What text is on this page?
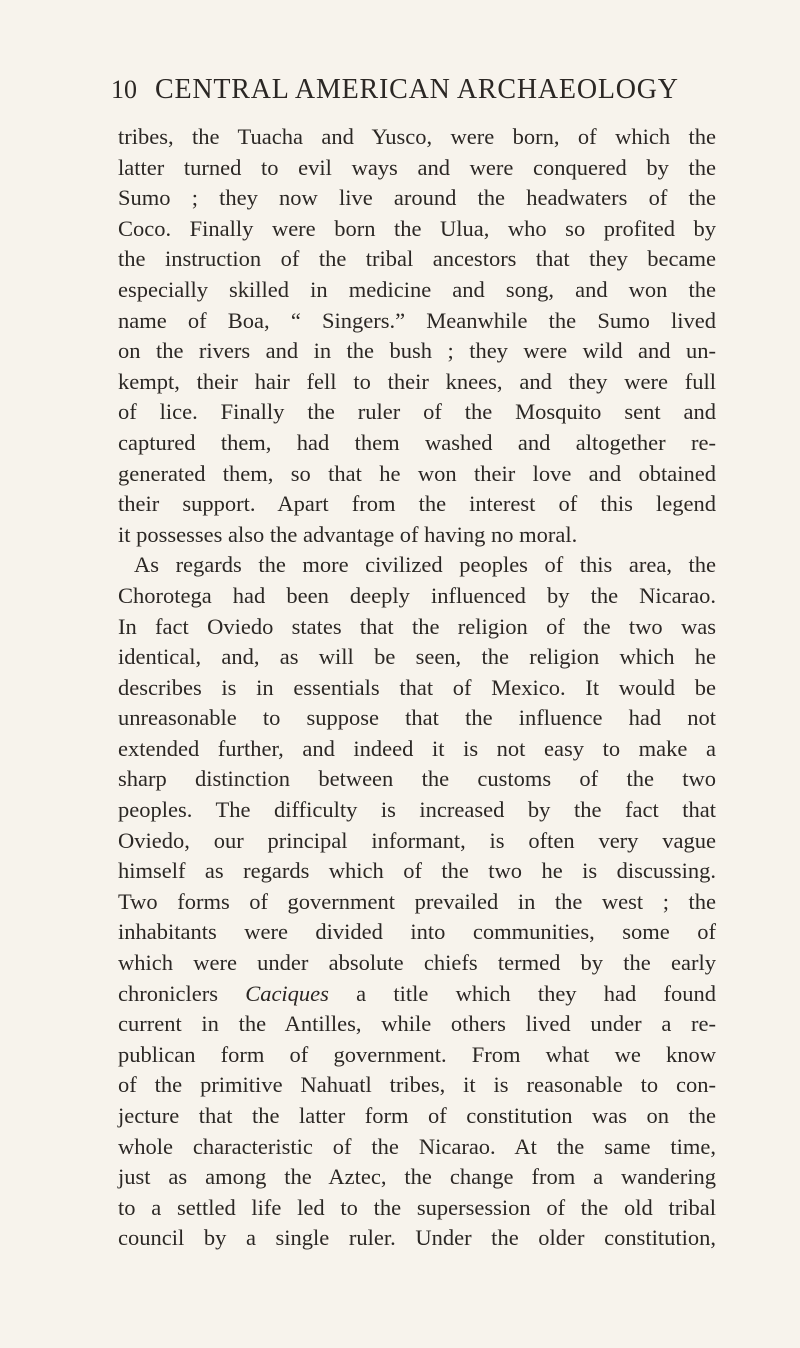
10 CENTRAL AMERICAN ARCHAEOLOGY
tribes, the Tuacha and Yusco, were born, of which the
latter turned to evil ways and were conquered by the
Sumo ; they now live around the headwaters of the
Coco. Finally were born the Ulua, who so profited by
the instruction of the tribal ancestors that they became
especially skilled in medicine and song, and won the
name of Boa, “ Singers.” Meanwhile the Sumo lived
on the rivers and in the bush ; they were wild and un-
kempt, their hair fell to their knees, and they were full
of lice. Finally the ruler of the Mosquito sent and
captured them, had them washed and altogether re-
generated them, so that he won their love and obtained
their support. Apart from the interest of this legend
it possesses also the advantage of having no moral.
As regards the more civilized peoples of this area, the
Chorotega had been deeply influenced by the Nicarao.
In fact Oviedo states that the religion of the two was
identical, and, as will be seen, the religion which he
describes is in essentials that of Mexico. It would be
unreasonable to suppose that the influence had not
extended further, and indeed it is not easy to make a
sharp distinction between the customs of the two
peoples. The difficulty is increased by the fact that
Oviedo, our principal informant, is often very vague
himself as regards which of the two he is discussing.
Two forms of government prevailed in the west ; the
inhabitants were divided into communities, some of
which were under absolute chiefs termed by the early
chroniclers Caciques a title which they had found
current in the Antilles, while others lived under a re-
publican form of government. From what we know
of the primitive Nahuatl tribes, it is reasonable to con-
jecture that the latter form of constitution was on the
whole characteristic of the Nicarao. At the same time,
just as among the Aztec, the change from a wandering
to a settled life led to the supersession of the old tribal
council by a single ruler. Under the older constitution,
